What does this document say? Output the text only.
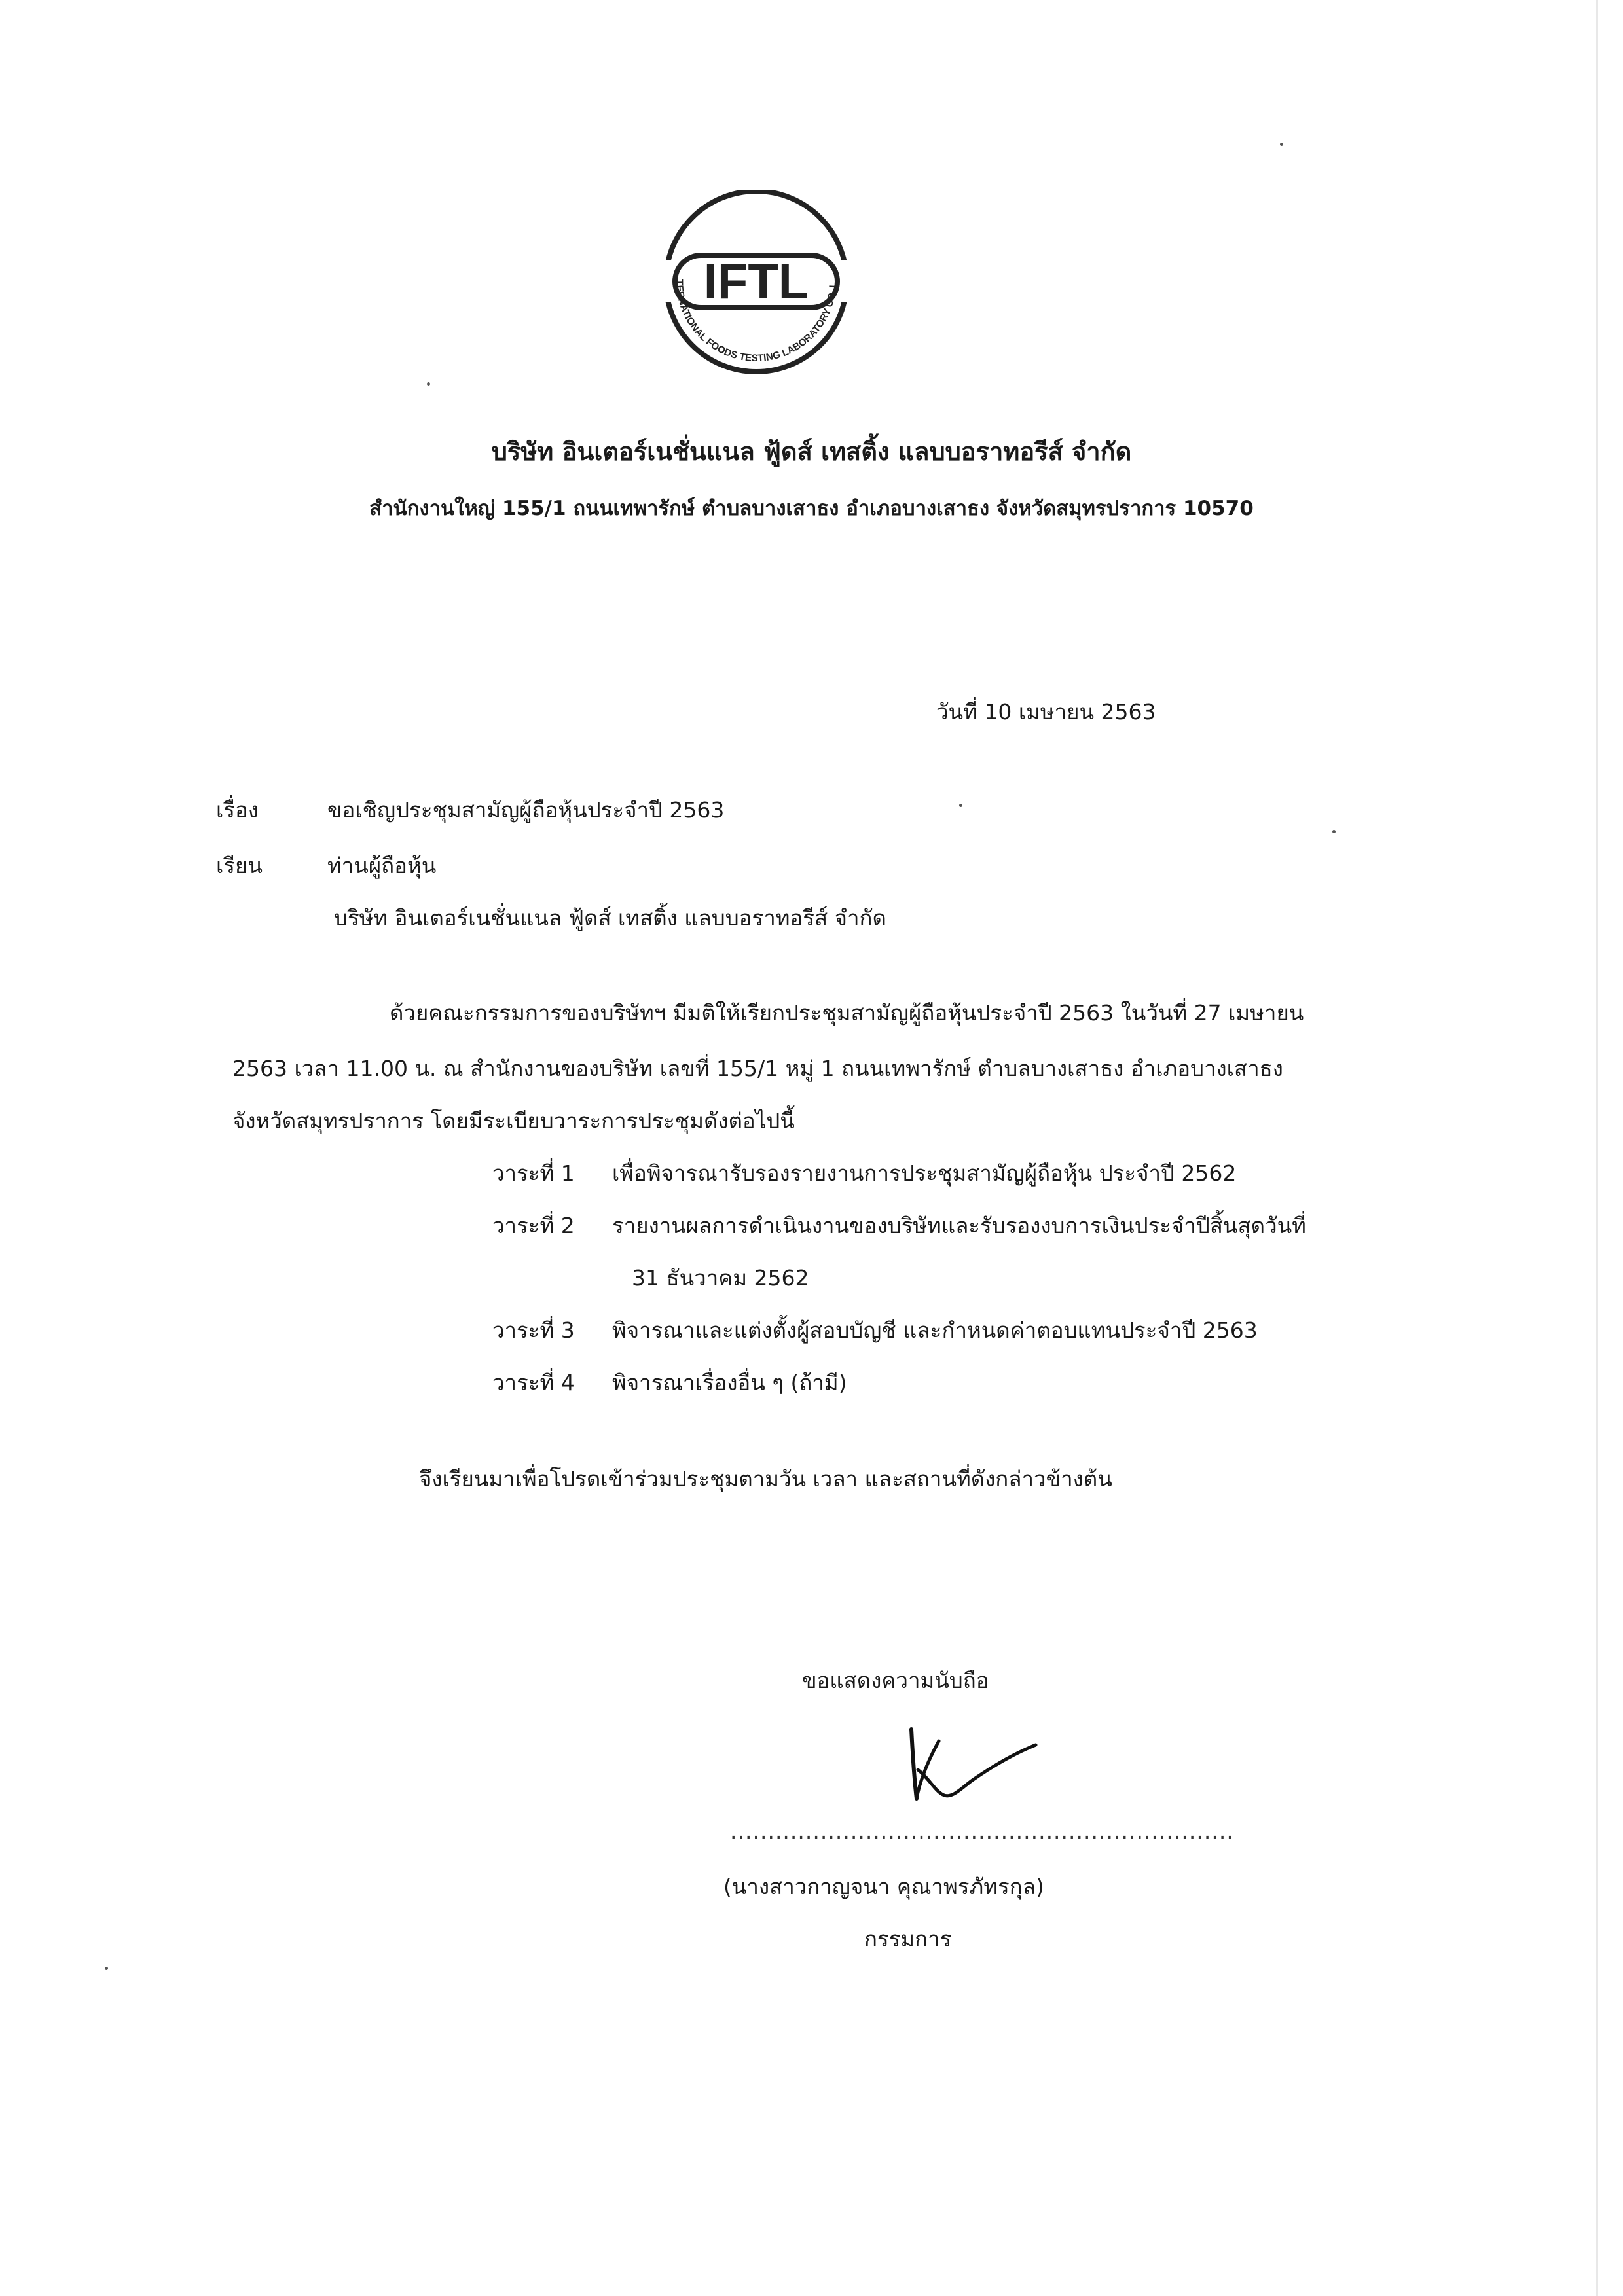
IFTL
TERNATIONAL FOODS TESTING LABORATORY CO.,L
บริษัท อินเตอร์เนชั่นแนล ฟู้ดส์ เทสติ้ง แลบบอราทอรีส์ จำกัด
สำนักงานใหญ่ 155/1 ถนนเทพารักษ์ ตำบลบางเสาธง อำเภอบางเสาธง จังหวัดสมุทรปราการ 10570
วันที่ 10 เมษายน 2563
เรื่อง	ขอเชิญประชุมสามัญผู้ถือหุ้นประจำปี 2563
เรียน	ท่านผู้ถือหุ้น
บริษัท อินเตอร์เนชั่นแนล ฟู้ดส์ เทสติ้ง แลบบอราทอรีส์ จำกัด
ด้วยคณะกรรมการของบริษัทฯ มีมติให้เรียกประชุมสามัญผู้ถือหุ้นประจำปี 2563 ในวันที่ 27 เมษายน
2563 เวลา 11.00 น. ณ สำนักงานของบริษัท เลขที่ 155/1 หมู่ 1 ถนนเทพารักษ์ ตำบลบางเสาธง อำเภอบางเสาธง
จังหวัดสมุทรปราการ โดยมีระเบียบวาระการประชุมดังต่อไปนี้
วาระที่ 1 เพื่อพิจารณารับรองรายงานการประชุมสามัญผู้ถือหุ้น ประจำปี 2562
วาระที่ 2 รายงานผลการดำเนินงานของบริษัทและรับรองงบการเงินประจำปีสิ้นสุดวันที่
31 ธันวาคม 2562
วาระที่ 3 พิจารณาและแต่งตั้งผู้สอบบัญชี และกำหนดค่าตอบแทนประจำปี 2563
วาระที่ 4 พิจารณาเรื่องอื่น ๆ (ถ้ามี)
จึงเรียนมาเพื่อโปรดเข้าร่วมประชุมตามวัน เวลา และสถานที่ดังกล่าวข้างต้น
ขอแสดงความนับถือ
...................................................................
(นางสาวกาญจนา คุณาพรภัทรกุล)
กรรมการ
